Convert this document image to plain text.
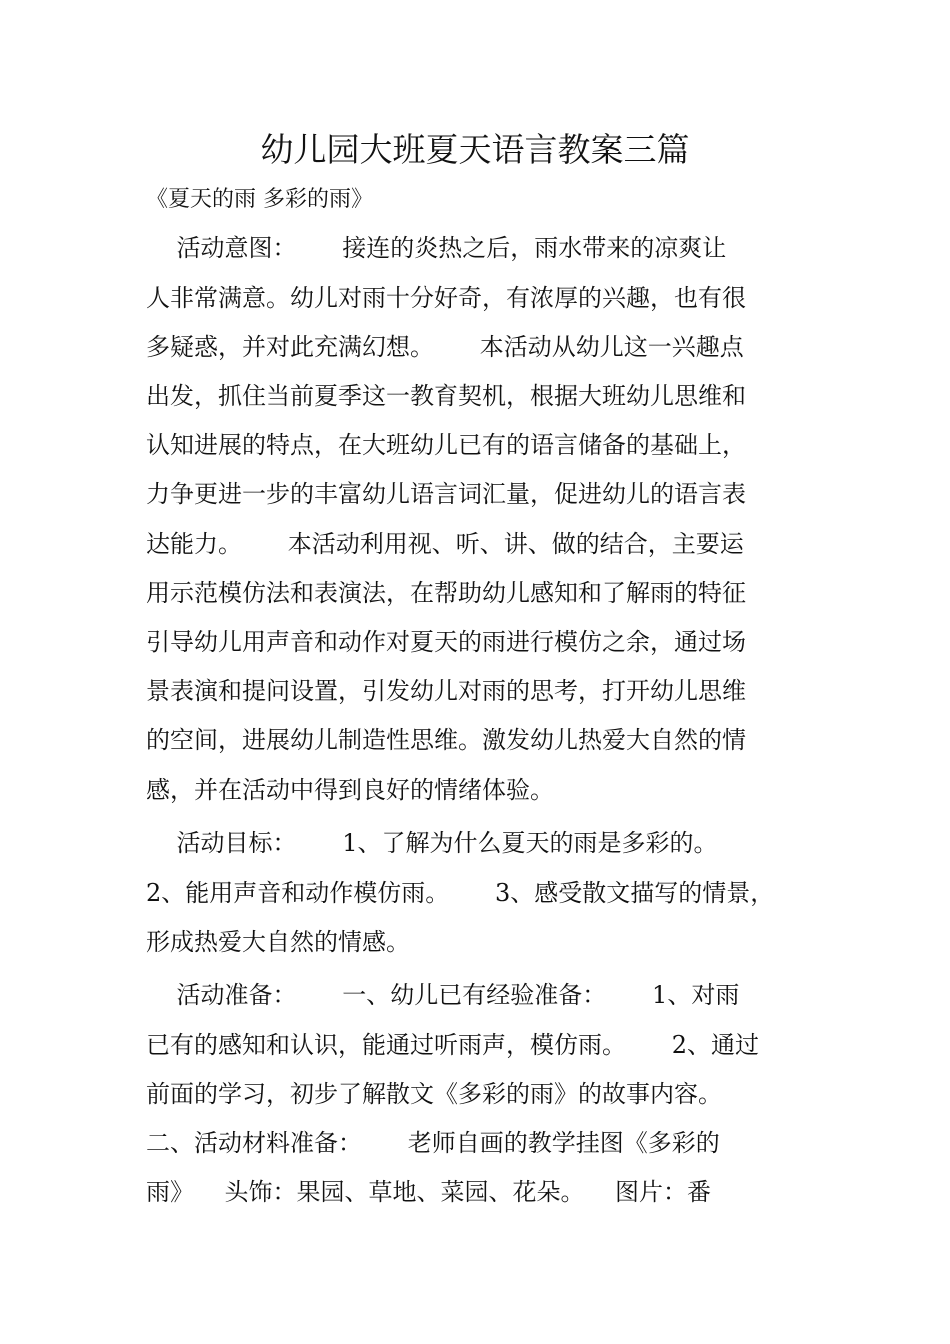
幼儿园大班夏天语言教案三篇

《夏天的雨 多彩的雨》

活动意图：      接连的炎热之后，雨水带来的凉爽让

人非常满意。幼儿对雨十分好奇，有浓厚的兴趣，也有很

多疑惑，并对此充满幻想。      本活动从幼儿这一兴趣点

出发，抓住当前夏季这一教育契机，根据大班幼儿思维和

认知进展的特点，在大班幼儿已有的语言储备的基础上，

力争更进一步的丰富幼儿语言词汇量，促进幼儿的语言表

达能力。      本活动利用视、听、讲、做的结合，主要运

用示范模仿法和表演法，在帮助幼儿感知和了解雨的特征

引导幼儿用声音和动作对夏天的雨进行模仿之余，通过场

景表演和提问设置，引发幼儿对雨的思考，打开幼儿思维

的空间，进展幼儿制造性思维。激发幼儿热爱大自然的情

感，并在活动中得到良好的情绪体验。

活动目标：      1、了解为什么夏天的雨是多彩的。

2、能用声音和动作模仿雨。      3、感受散文描写的情景，

形成热爱大自然的情感。

活动准备：      一、幼儿已有经验准备：      1、对雨

已有的感知和认识，能通过听雨声，模仿雨。      2、通过

前面的学习，初步了解散文《多彩的雨》的故事内容。

二、活动材料准备：      老师自画的教学挂图《多彩的

雨》    头饰：果园、草地、菜园、花朵。    图片：番
